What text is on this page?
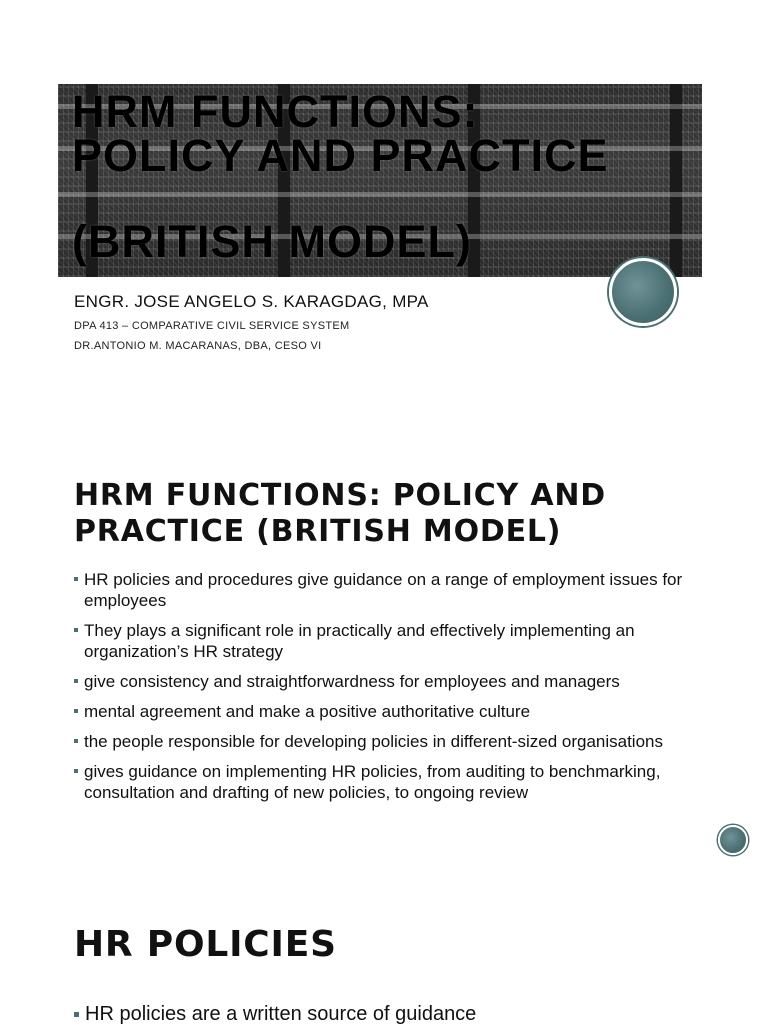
HRM FUNCTIONS:
POLICY AND PRACTICE
(BRITISH MODEL)

ENGR. JOSE ANGELO S. KARAGDAG, MPA

DPA 413 – COMPARATIVE CIVIL SERVICE SYSTEM

DR.ANTONIO M. MACARANAS, DBA, CESO VI

HRM FUNCTIONS: POLICY AND PRACTICE (BRITISH MODEL)
HR policies and procedures give guidance on a range of employment issues for employees
They plays a significant role in practically and effectively implementing an organization’s HR strategy
give consistency and straightforwardness for employees and managers
mental agreement and make a positive authoritative culture
the people responsible for developing policies in different-sized organisations
gives guidance on implementing HR policies, from auditing to benchmarking, consultation and drafting of new policies, to ongoing review
HR POLICIES
HR policies are a written source of guidance
